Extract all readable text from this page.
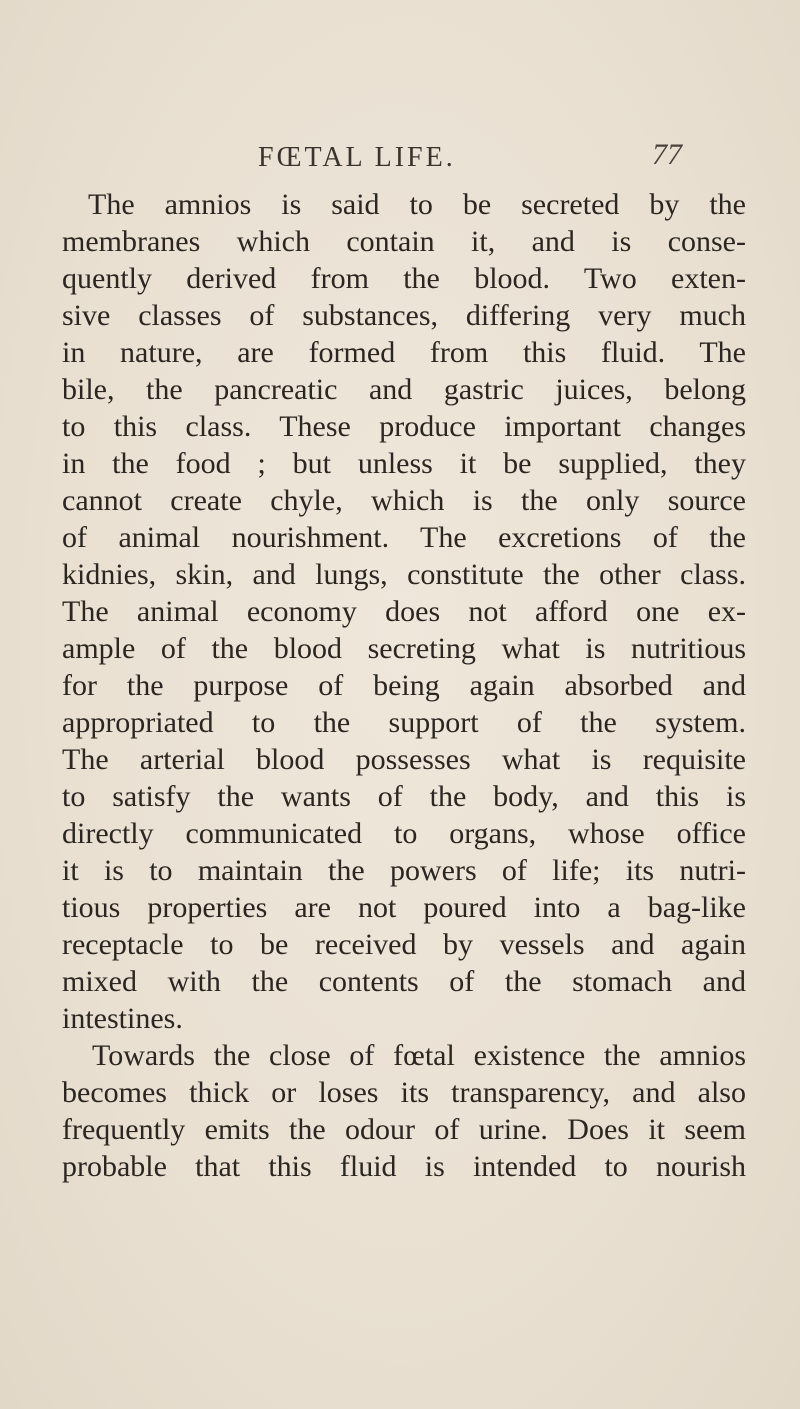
FŒTAL LIFE.	77
The amnios is said to be secreted by the
membranes which contain it, and is conse-
quently derived from the blood. Two exten-
sive classes of substances, differing very much
in nature, are formed from this fluid. The
bile, the pancreatic and gastric juices, belong
to this class. These produce important changes
in the food ; but unless it be supplied, they
cannot create chyle, which is the only source
of animal nourishment. The excretions of the
kidnies, skin, and lungs, constitute the other class.
The animal economy does not afford one ex-
ample of the blood secreting what is nutritious
for the purpose of being again absorbed and
appropriated to the support of the system.
The arterial blood possesses what is requisite
to satisfy the wants of the body, and this is
directly communicated to organs, whose office
it is to maintain the powers of life; its nutri-
tious properties are not poured into a bag-like
receptacle to be received by vessels and again
mixed with the contents of the stomach and
intestines.
Towards the close of fœtal existence the amnios
becomes thick or loses its transparency, and also
frequently emits the odour of urine. Does it seem
probable that this fluid is intended to nourish
